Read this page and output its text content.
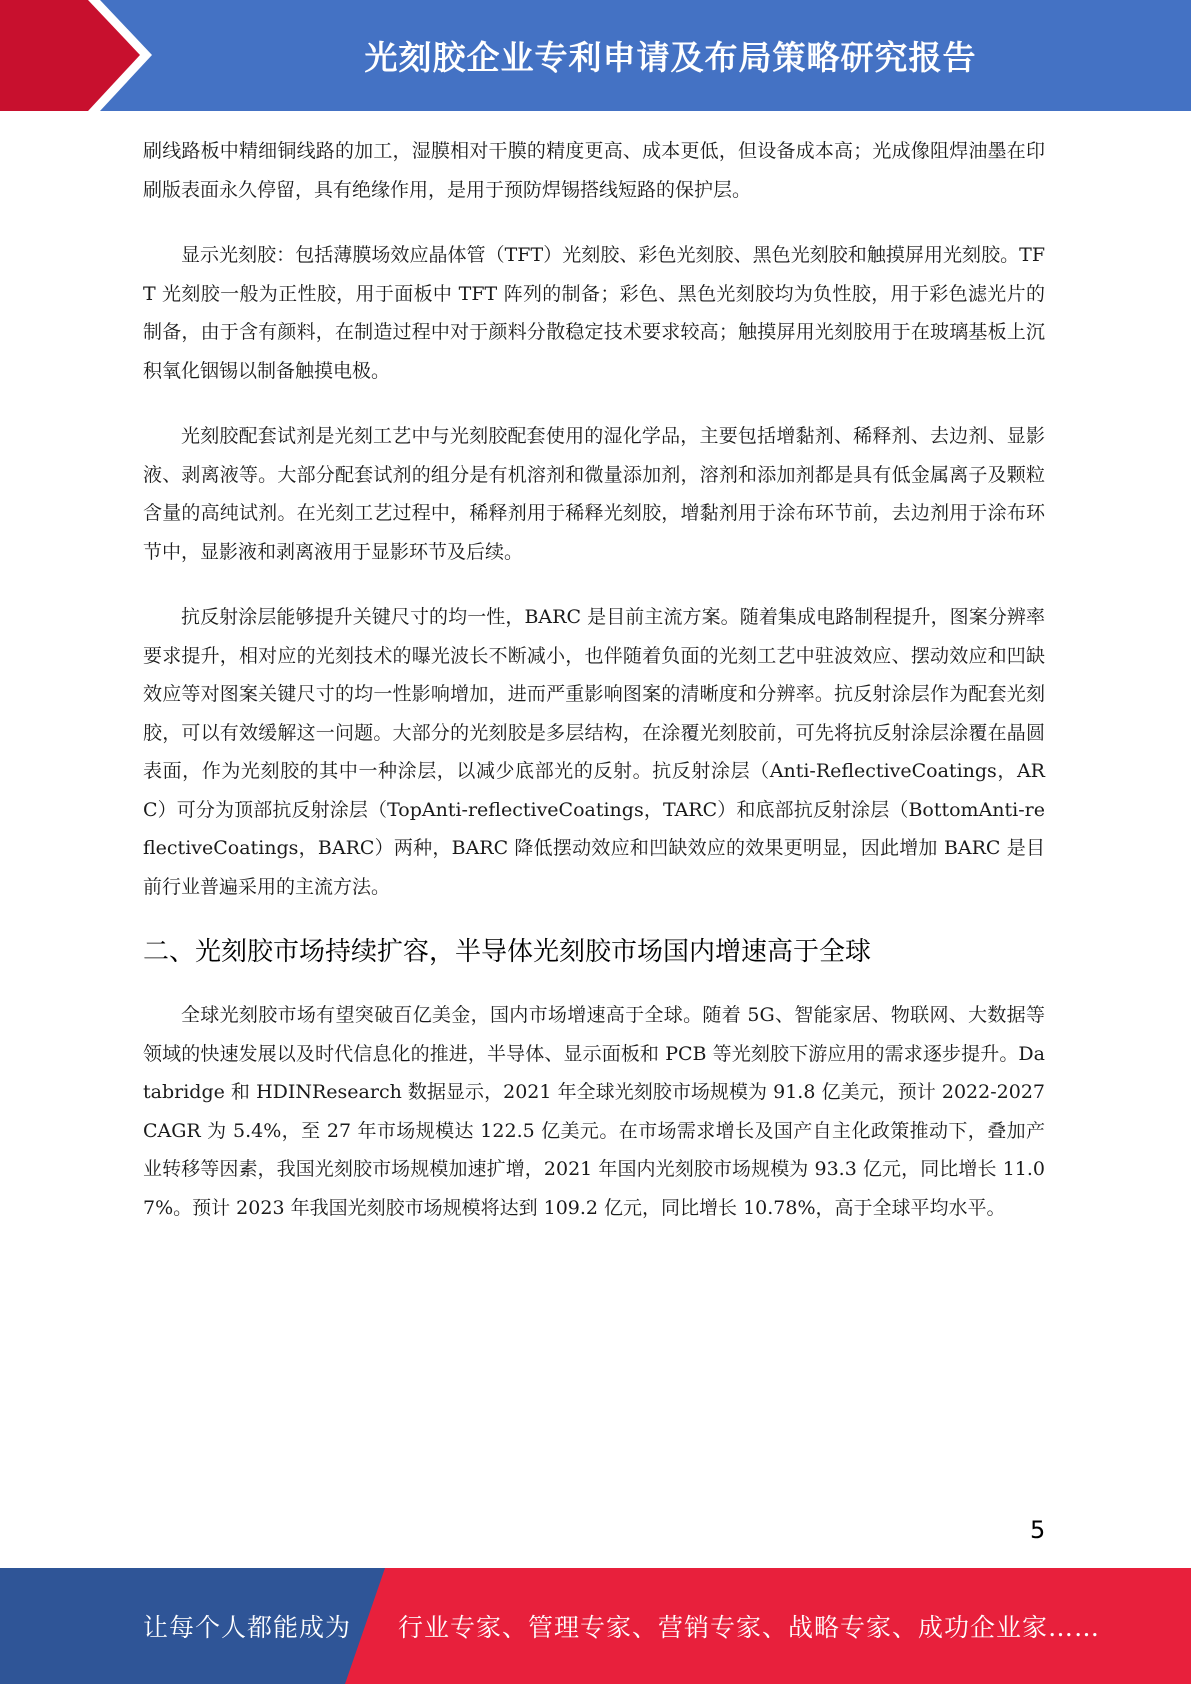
光刻胶企业专利申请及布局策略研究报告

刷线路板中精细铜线路的加工，湿膜相对干膜的精度更高、成本更低，但设备成本高；光成像阻焊油墨在印刷版表面永久停留，具有绝缘作用，是用于预防焊锡搭线短路的保护层。

显示光刻胶：包括薄膜场效应晶体管（TFT）光刻胶、彩色光刻胶、黑色光刻胶和触摸屏用光刻胶。TFT 光刻胶一般为正性胶，用于面板中 TFT 阵列的制备；彩色、黑色光刻胶均为负性胶，用于彩色滤光片的制备，由于含有颜料，在制造过程中对于颜料分散稳定技术要求较高；触摸屏用光刻胶用于在玻璃基板上沉积氧化铟锡以制备触摸电极。

光刻胶配套试剂是光刻工艺中与光刻胶配套使用的湿化学品，主要包括增黏剂、稀释剂、去边剂、显影液、剥离液等。大部分配套试剂的组分是有机溶剂和微量添加剂，溶剂和添加剂都是具有低金属离子及颗粒含量的高纯试剂。在光刻工艺过程中，稀释剂用于稀释光刻胶，增黏剂用于涂布环节前，去边剂用于涂布环节中，显影液和剥离液用于显影环节及后续。

抗反射涂层能够提升关键尺寸的均一性，BARC 是目前主流方案。随着集成电路制程提升，图案分辨率要求提升，相对应的光刻技术的曝光波长不断减小，也伴随着负面的光刻工艺中驻波效应、摆动效应和凹缺效应等对图案关键尺寸的均一性影响增加，进而严重影响图案的清晰度和分辨率。抗反射涂层作为配套光刻胶，可以有效缓解这一问题。大部分的光刻胶是多层结构，在涂覆光刻胶前，可先将抗反射涂层涂覆在晶圆表面，作为光刻胶的其中一种涂层，以减少底部光的反射。抗反射涂层（Anti-ReflectiveCoatings，ARC）可分为顶部抗反射涂层（TopAnti-reflectiveCoatings，TARC）和底部抗反射涂层（BottomAnti-reflectiveCoatings，BARC）两种，BARC 降低摆动效应和凹缺效应的效果更明显，因此增加 BARC 是目前行业普遍采用的主流方法。

二、光刻胶市场持续扩容，半导体光刻胶市场国内增速高于全球

全球光刻胶市场有望突破百亿美金，国内市场增速高于全球。随着 5G、智能家居、物联网、大数据等领域的快速发展以及时代信息化的推进，半导体、显示面板和 PCB 等光刻胶下游应用的需求逐步提升。Databridge 和 HDINResearch 数据显示，2021 年全球光刻胶市场规模为 91.8 亿美元，预计 2022-2027CAGR 为 5.4%，至 27 年市场规模达 122.5 亿美元。在市场需求增长及国产自主化政策推动下，叠加产业转移等因素，我国光刻胶市场规模加速扩增，2021 年国内光刻胶市场规模为 93.3 亿元，同比增长 11.07%。预计 2023 年我国光刻胶市场规模将达到 109.2 亿元，同比增长 10.78%，高于全球平均水平。

5
让每个人都能成为 行业专家、管理专家、营销专家、战略专家、成功企业家……
